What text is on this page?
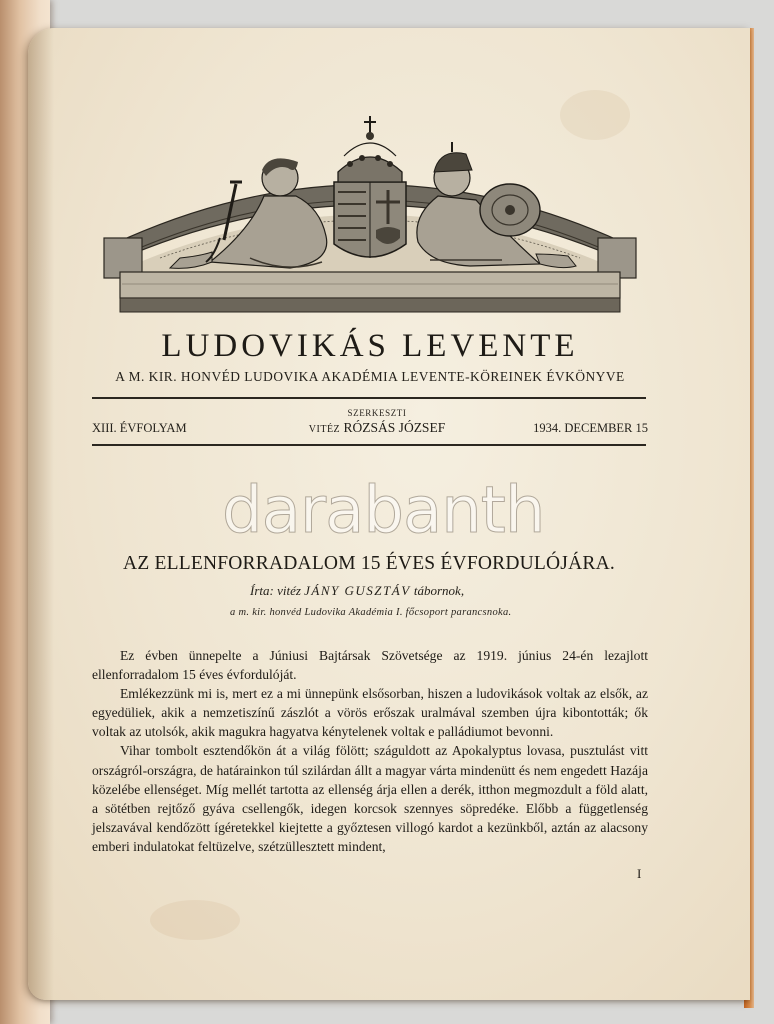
LUDOVIKÁS LEVENTE
A M. KIR. HONVÉD LUDOVIKA AKADÉMIA LEVENTE-KÖREINEK ÉVKÖNYVE
XIII. ÉVFOLYAM
SZERKESZTI
VITÉZ RÓZSÁS JÓZSEF	1934. DECEMBER 15
darabanth
AZ ELLENFORRADALOM 15 ÉVES ÉVFORDULÓJÁRA.
Írta: vitéz JÁNY GUSZTÁV tábornok,
a m. kir. honvéd Ludovika Akadémia I. főcsoport parancsnoka.

Ez évben ünnepelte a Júniusi Bajtársak Szövetsége az 1919. június 24-én lezajlott ellenforradalom 15 éves évfordulóját.

Emlékezzünk mi is, mert ez a mi ünnepünk elsősorban, hiszen a ludovikások voltak az elsők, az egyedüliek, akik a nemzetiszínű zászlót a vörös erőszak uralmával szemben újra kibontották; ők voltak az utolsók, akik magukra hagyatva kénytelenek voltak e palládiumot bevonni.

Vihar tombolt esztendőkön át a világ fölött; száguldott az Apokalyptus lovasa, pusztulást vitt országról-országra, de határainkon túl szilárdan állt a magyar várta mindenütt és nem engedett Hazája közelébe ellenséget. Míg mellét tartotta az ellenség árja ellen a derék, itthon megmozdult a föld alatt, a sötétben rejtőző gyáva csellengők, idegen korcsok szennyes söpredéke. Előbb a függetlenség jelszavával kendőzött ígéretekkel kiejtette a győztesen villogó kardot a kezünkből, aztán az alacsony emberi indulatokat feltüzelve, szétzüllesztett mindent,

I
